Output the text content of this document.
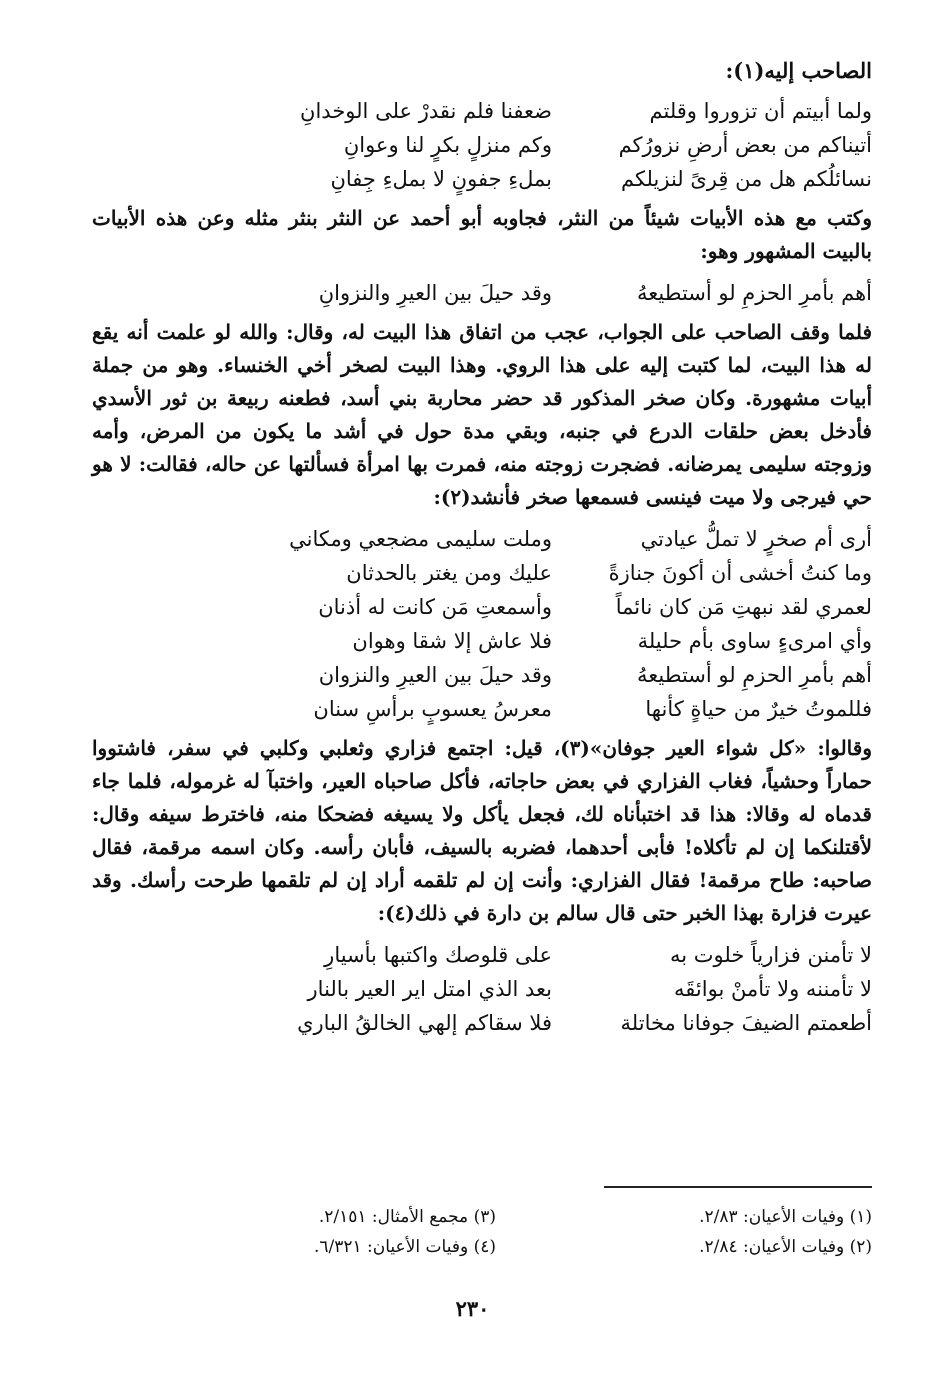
الصاحب إليه(١):
ولما أبيتم أن تزوروا وقلتم
ضعفنا فلم نقدرْ على الوخدانِ
أتيناكم من بعض أرضِ نزورُكم
وكم منزلٍ بكرٍ لنا وعوانِ
نسائلُكم هل من قِرىً لنزيلكم
بملءِ جفونٍ لا بملءِ جِفانِ

وكتب مع هذه الأبيات شيئاً من النثر، فجاوبه أبو أحمد عن النثر بنثر مثله وعن هذه الأبيات بالبيت المشهور وهو:

أهم بأمرِ الحزمِ لو أستطيعهُ
وقد حيلَ بين العيرِ والنزوانِ

فلما وقف الصاحب على الجواب، عجب من اتفاق هذا البيت له، وقال: والله لو علمت أنه يقع له هذا البيت، لما كتبت إليه على هذا الروي. وهذا البيت لصخر أخي الخنساء. وهو من جملة أبيات مشهورة. وكان صخر المذكور قد حضر محاربة بني أسد، فطعنه ربيعة بن ثور الأسدي فأدخل بعض حلقات الدرع في جنبه، وبقي مدة حول في أشد ما يكون من المرض، وأمه وزوجته سليمى يمرضانه. فضجرت زوجته منه، فمرت بها امرأة فسألتها عن حاله، فقالت: لا هو حي فيرجى ولا ميت فينسى فسمعها صخر فأنشد(٢):

أرى أم صخرٍ لا تملُّ عيادتي
وملت سليمى مضجعي ومكاني
وما كنتُ أخشى أن أكونَ جنازةً
عليك ومن يغتر بالحدثان
لعمري لقد نبهتِ مَن كان نائماً
وأسمعتِ مَن كانت له أذنان
وأي امرىءٍ ساوى بأم حليلة
فلا عاش إلا شقا وهوان
أهم بأمرِ الحزمِ لو أستطيعهُ
وقد حيلَ بين العيرِ والنزوان
فللموتُ خيرٌ من حياةٍ كأنها
معرسُ يعسوبٍ برأسِ سنان

وقالوا: «كل شواء العير جوفان»(٣)، قيل: اجتمع فزاري وثعلبي وكلبي في سفر، فاشتووا حماراً وحشياً، فغاب الفزاري في بعض حاجاته، فأكل صاحباه العير، واختبآ له غرموله، فلما جاء قدماه له وقالا: هذا قد اختبأناه لك، فجعل يأكل ولا يسيغه فضحكا منه، فاخترط سيفه وقال: لأقتلنكما إن لم تأكلاه! فأبى أحدهما، فضربه بالسيف، فأبان رأسه. وكان اسمه مرقمة، فقال صاحبه: طاح مرقمة! فقال الفزاري: وأنت إن لم تلقمه أراد إن لم تلقمها طرحت رأسك. وقد عيرت فزارة بهذا الخبر حتى قال سالم بن دارة في ذلك(٤):

لا تأمنن فزارياً خلوت به
على قلوصك واكتبها بأسيارِ
لا تأمننه ولا تأمنْ بوائقَه
بعد الذي امتل اير العير بالنار
أطعمتم الضيفَ جوفانا مخاتلة
فلا سقاكم إلهي الخالقُ الباري
(١) وفيات الأعيان: ٢/٨٣.
(٣) مجمع الأمثال: ٢/١٥١.
(٢) وفيات الأعيان: ٢/٨٤.
(٤) وفيات الأعيان: ٦/٣٢١.
٢٣٠
